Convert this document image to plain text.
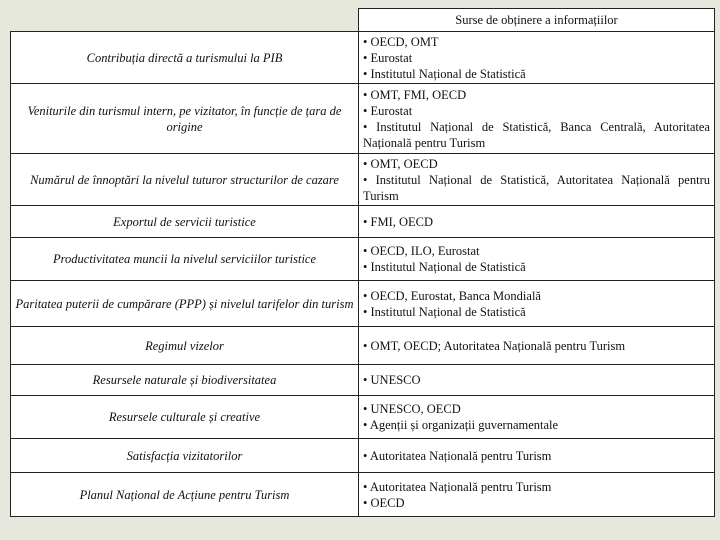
	Surse de obținere a informațiilor
Contribuția directă a turismului la PIB	• OECD, OMT
• Eurostat
• Institutul Național de Statistică

Veniturile din turismul intern, pe vizitator, în funcție de țara de origine	• OMT, FMI, OECD
• Eurostat
• Institutul Național de Statistică, Banca Centrală, Autoritatea Națională pentru Turism

Numărul de înnoptări la nivelul tuturor structurilor de cazare	• OMT, OECD
• Institutul Național de Statistică, Autoritatea Națională pentru Turism

Exportul de servicii turistice	• FMI, OECD

Productivitatea muncii la nivelul serviciilor turistice	• OECD, ILO, Eurostat
• Institutul Național de Statistică

Paritatea puterii de cumpărare (PPP) și nivelul tarifelor din turism	• OECD, Eurostat, Banca Mondială
• Institutul Național de Statistică

Regimul vizelor	• OMT, OECD; Autoritatea Națională pentru Turism

Resursele naturale și biodiversitatea	• UNESCO

Resursele culturale și creative	• UNESCO, OECD
• Agenții și organizații guvernamentale

Satisfacția vizitatorilor	• Autoritatea Națională pentru Turism

Planul Național de Acțiune pentru Turism	• Autoritatea Națională pentru Turism
• OECD
